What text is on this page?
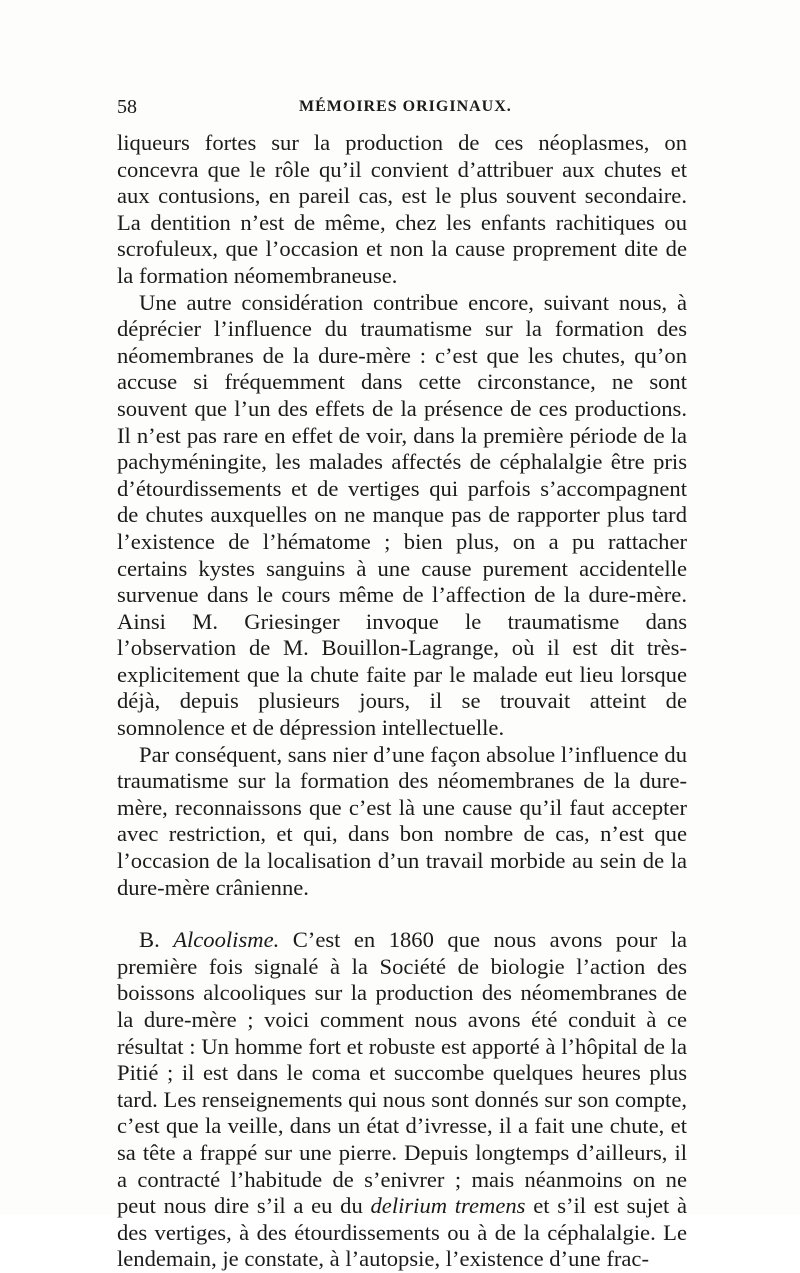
58	MÉMOIRES ORIGINAUX.

liqueurs fortes sur la production de ces néoplasmes, on concevra que le rôle qu’il convient d’attribuer aux chutes et aux contusions, en pareil cas, est le plus souvent secondaire. La dentition n’est de même, chez les enfants rachitiques ou scrofuleux, que l’occasion et non la cause proprement dite de la formation néomembraneuse.

Une autre considération contribue encore, suivant nous, à déprécier l’influence du traumatisme sur la formation des néomembranes de la dure-mère : c’est que les chutes, qu’on accuse si fréquemment dans cette circonstance, ne sont souvent que l’un des effets de la présence de ces productions. Il n’est pas rare en effet de voir, dans la première période de la pachyméningite, les malades affectés de céphalalgie être pris d’étourdissements et de vertiges qui parfois s’accompagnent de chutes auxquelles on ne manque pas de rapporter plus tard l’existence de l’hématome ; bien plus, on a pu rattacher certains kystes sanguins à une cause purement accidentelle survenue dans le cours même de l’affection de la dure-mère. Ainsi M. Griesinger invoque le traumatisme dans l’observation de M. Bouillon-Lagrange, où il est dit très-explicitement que la chute faite par le malade eut lieu lorsque déjà, depuis plusieurs jours, il se trouvait atteint de somnolence et de dépression intellectuelle.

Par conséquent, sans nier d’une façon absolue l’influence du traumatisme sur la formation des néomembranes de la dure-mère, reconnaissons que c’est là une cause qu’il faut accepter avec restriction, et qui, dans bon nombre de cas, n’est que l’occasion de la localisation d’un travail morbide au sein de la dure-mère crânienne.

B. Alcoolisme. C’est en 1860 que nous avons pour la première fois signalé à la Société de biologie l’action des boissons alcooliques sur la production des néomembranes de la dure-mère ; voici comment nous avons été conduit à ce résultat : Un homme fort et robuste est apporté à l’hôpital de la Pitié ; il est dans le coma et succombe quelques heures plus tard. Les renseignements qui nous sont donnés sur son compte, c’est que la veille, dans un état d’ivresse, il a fait une chute, et sa tête a frappé sur une pierre. Depuis longtemps d’ailleurs, il a contracté l’habitude de s’enivrer ; mais néanmoins on ne peut nous dire s’il a eu du delirium tremens et s’il est sujet à des vertiges, à des étourdissements ou à de la céphalalgie. Le lendemain, je constate, à l’autopsie, l’existence d’une frac-
